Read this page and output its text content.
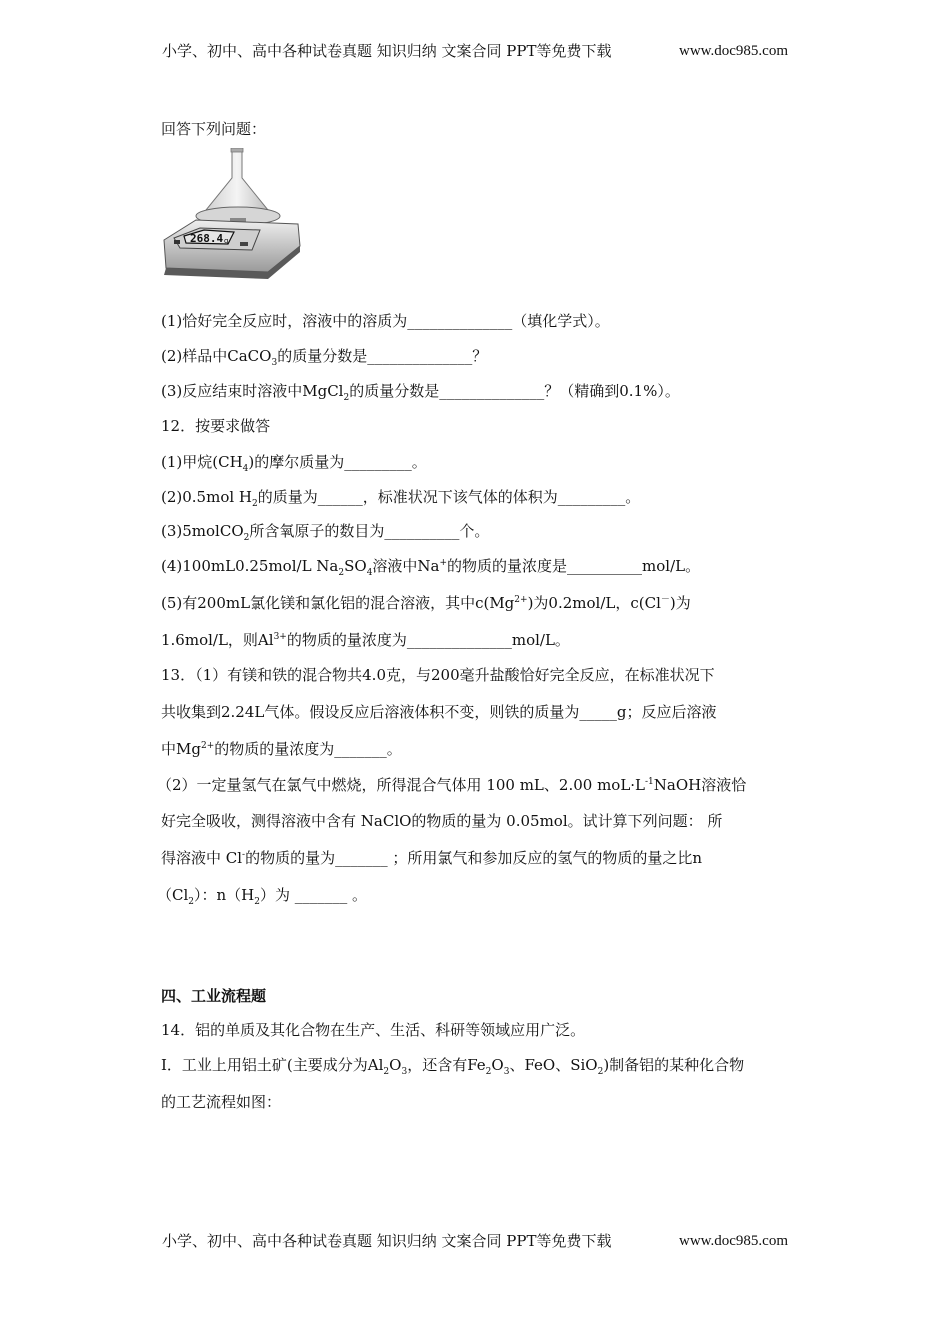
小学、初中、高中各种试卷真题 知识归纳 文案合同 PPT等免费下载	www.doc985.com
回答下列问题：
268.4 g
(1)恰好完全反应时，溶液中的溶质为______________（填化学式）。
(2)样品中CaCO$_3$的质量分数是______________？
(3)反应结束时溶液中MgCl$_2$的质量分数是______________？（精确到0.1%）。
12．按要求做答
(1)甲烷$(CH_4)$的摩尔质量为_________。
(2)0.5mol $H_2$的质量为______，标准状况下该气体的体积为_________。
(3)5molCO$_2$所含氧原子的数目为__________个。
(4)100mL0.25mol/L $Na_2SO_4$溶液中Na+的物质的量浓度是__________mol/L。
(5)有200mL氯化镁和氯化铝的混合溶液，其中$c(Mg^{2+})$为0.2mol/L，c(Cl－)为
1.6mol/L，则$Al^{3+}$的物质的量浓度为______________mol/L。
13．（1）有镁和铁的混合物共4.0克，与200毫升盐酸恰好完全反应，在标准状况下
共收集到2.24L气体。假设反应后溶液体积不变，则铁的质量为_____g；反应后溶液
中$Mg^{2+}$的物质的量浓度为_______。
（2）一定量氢气在氯气中燃烧，所得混合气体用 100 mL、2.00 $moL\cdot L^{-1}NaOH$溶液恰
好完全吸收，测得溶液中含有 NaClO的物质的量为 0.05mol。试计算下列问题： 所
得溶液中 Cl-的物质的量为_______ ；所用氯气和参加反应的氢气的物质的量之比n
$(Cl_2)$：$n(H_2)$为 _______ 。
四、工业流程题
14．铝的单质及其化合物在生产、生活、科研等领域应用广泛。
I．工业上用铝土矿(主要成分为$Al_2O_3$，还含有$Fe_2O_3$、FeO、SiO$_2$)制备铝的某种化合物
的工艺流程如图：
小学、初中、高中各种试卷真题 知识归纳 文案合同 PPT等免费下载	www.doc985.com
